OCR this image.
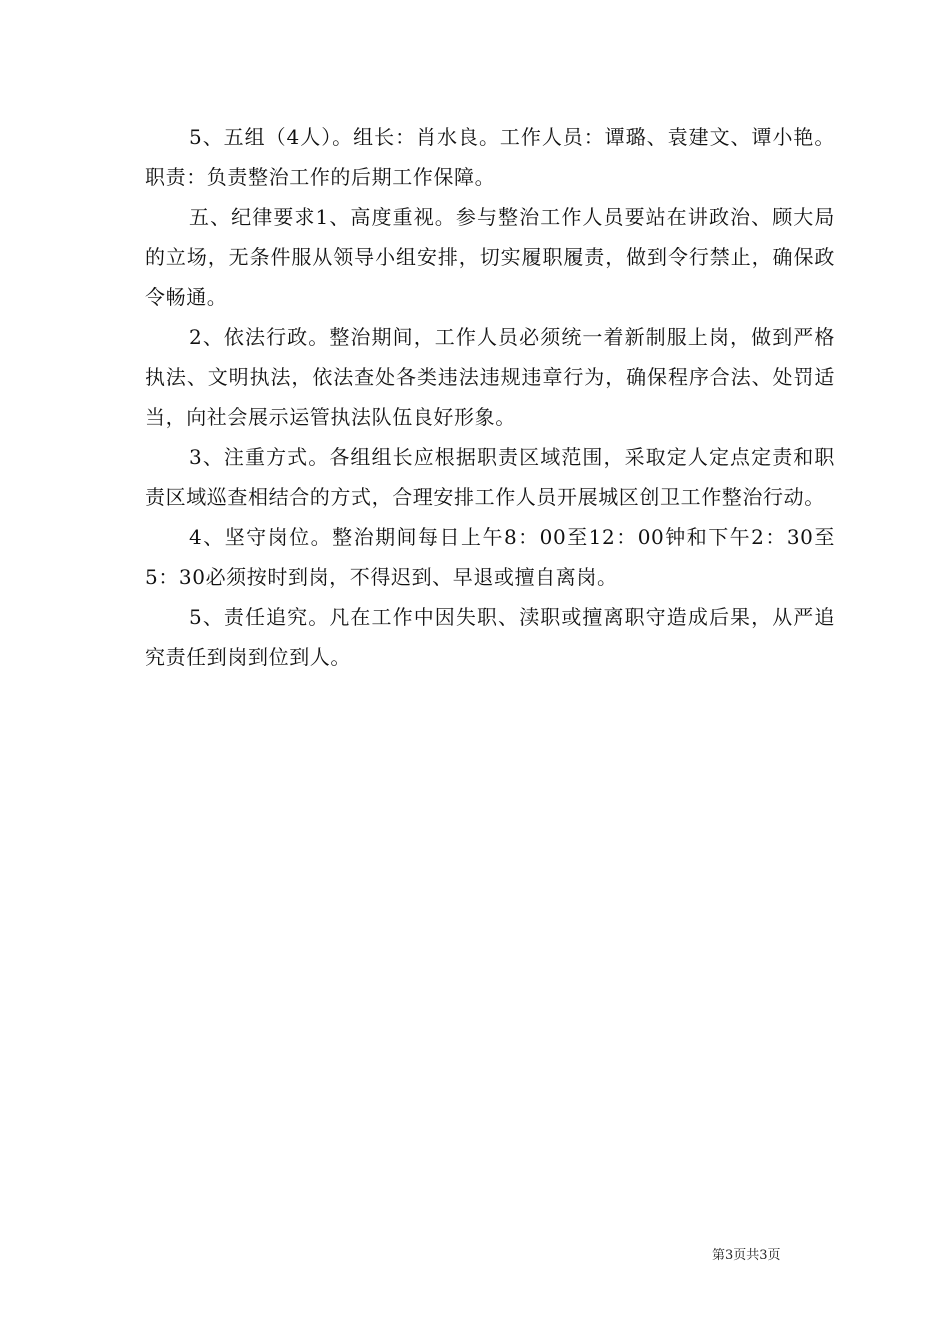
5、五组（4人）。组长：肖水良。工作人员：谭璐、袁建文、谭小艳。职责：负责整治工作的后期工作保障。

五、纪律要求1、高度重视。参与整治工作人员要站在讲政治、顾大局的立场，无条件服从领导小组安排，切实履职履责，做到令行禁止，确保政令畅通。

2、依法行政。整治期间，工作人员必须统一着新制服上岗，做到严格执法、文明执法，依法查处各类违法违规违章行为，确保程序合法、处罚适当，向社会展示运管执法队伍良好形象。

3、注重方式。各组组长应根据职责区域范围，采取定人定点定责和职责区域巡查相结合的方式，合理安排工作人员开展城区创卫工作整治行动。

4、坚守岗位。整治期间每日上午8：00至12：00钟和下午2：30至5：30必须按时到岗，不得迟到、早退或擅自离岗。

5、责任追究。凡在工作中因失职、渎职或擅离职守造成后果，从严追究责任到岗到位到人。

第3页共3页
